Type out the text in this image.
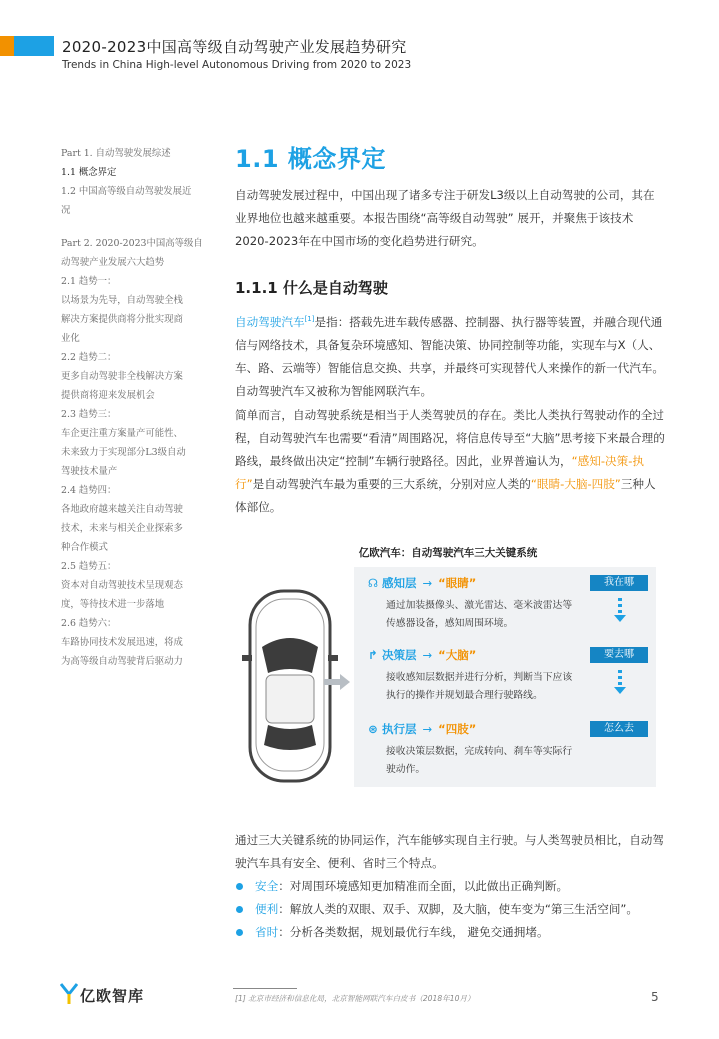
2020-2023中国高等级自动驾驶产业发展趋势研究
Trends in China High-level Autonomous Driving from 2020 to 2023
Part 1. 自动驾驶发展综述
1.1 概念界定
1.2 中国高等级自动驾驶发展近
况
Part 2. 2020-2023中国高等级自
动驾驶产业发展六大趋势
2.1 趋势一：
以场景为先导，自动驾驶全栈
解决方案提供商将分批实现商
业化
2.2 趋势二：
更多自动驾驶非全栈解决方案
提供商将迎来发展机会
2.3 趋势三：
车企更注重方案量产可能性、
未来致力于实现部分L3级自动
驾驶技术量产
2.4 趋势四：
各地政府越来越关注自动驾驶
技术，未来与相关企业探索多
种合作模式
2.5 趋势五：
资本对自动驾驶技术呈现观态
度，等待技术进一步落地
2.6 趋势六：
车路协同技术发展迅速，将成
为高等级自动驾驶背后驱动力
1.1 概念界定
自动驾驶发展过程中，中国出现了诸多专注于研发L3级以上自动驾驶的公司，其在业界地位也越来越重要。本报告围绕“高等级自动驾驶” 展开，并聚焦于该技术2020-2023年在中国市场的变化趋势进行研究。
1.1.1 什么是自动驾驶
自动驾驶汽车[1]是指：搭载先进车载传感器、控制器、执行器等装置，并融合现代通信与网络技术，具备复杂环境感知、智能决策、协同控制等功能，实现车与X（人、车、路、云端等）智能信息交换、共享，并最终可实现替代人来操作的新一代汽车。自动驾驶汽车又被称为智能网联汽车。
简单而言，自动驾驶系统是相当于人类驾驶员的存在。类比人类执行驾驶动作的全过程，自动驾驶汽车也需要“看清”周围路况，将信息传导至“大脑”思考接下来最合理的路线，最终做出决定“控制”车辆行驶路径。因此，业界普遍认为，“感知-决策-执行”是自动驾驶汽车最为重要的三大系统，分别对应人类的“眼睛-大脑-四肢”三种人体部位。
亿欧汽车：自动驾驶汽车三大关键系统
☊ 感知层 → “眼睛”	我在哪
通过加装摄像头、激光雷达、毫米波雷达等传感器设备，感知周围环境。
↱ 决策层 → “大脑”	要去哪
接收感知层数据并进行分析，判断当下应该执行的操作并规划最合理行驶路线。
⊛ 执行层 → “四肢”	怎么去
接收决策层数据，完成转向、刹车等实际行驶动作。
通过三大关键系统的协同运作，汽车能够实现自主行驶。与人类驾驶员相比，自动驾驶汽车具有安全、便利、省时三个特点。
安全：对周围环境感知更加精准而全面，以此做出正确判断。
便利：解放人类的双眼、双手、双脚，及大脑，使车变为“第三生活空间”。
省时：分析各类数据，规划最优行车线， 避免交通拥堵。
亿欧智库	[1] 北京市经济和信息化局，北京智能网联汽车白皮书（2018年10月）	5
